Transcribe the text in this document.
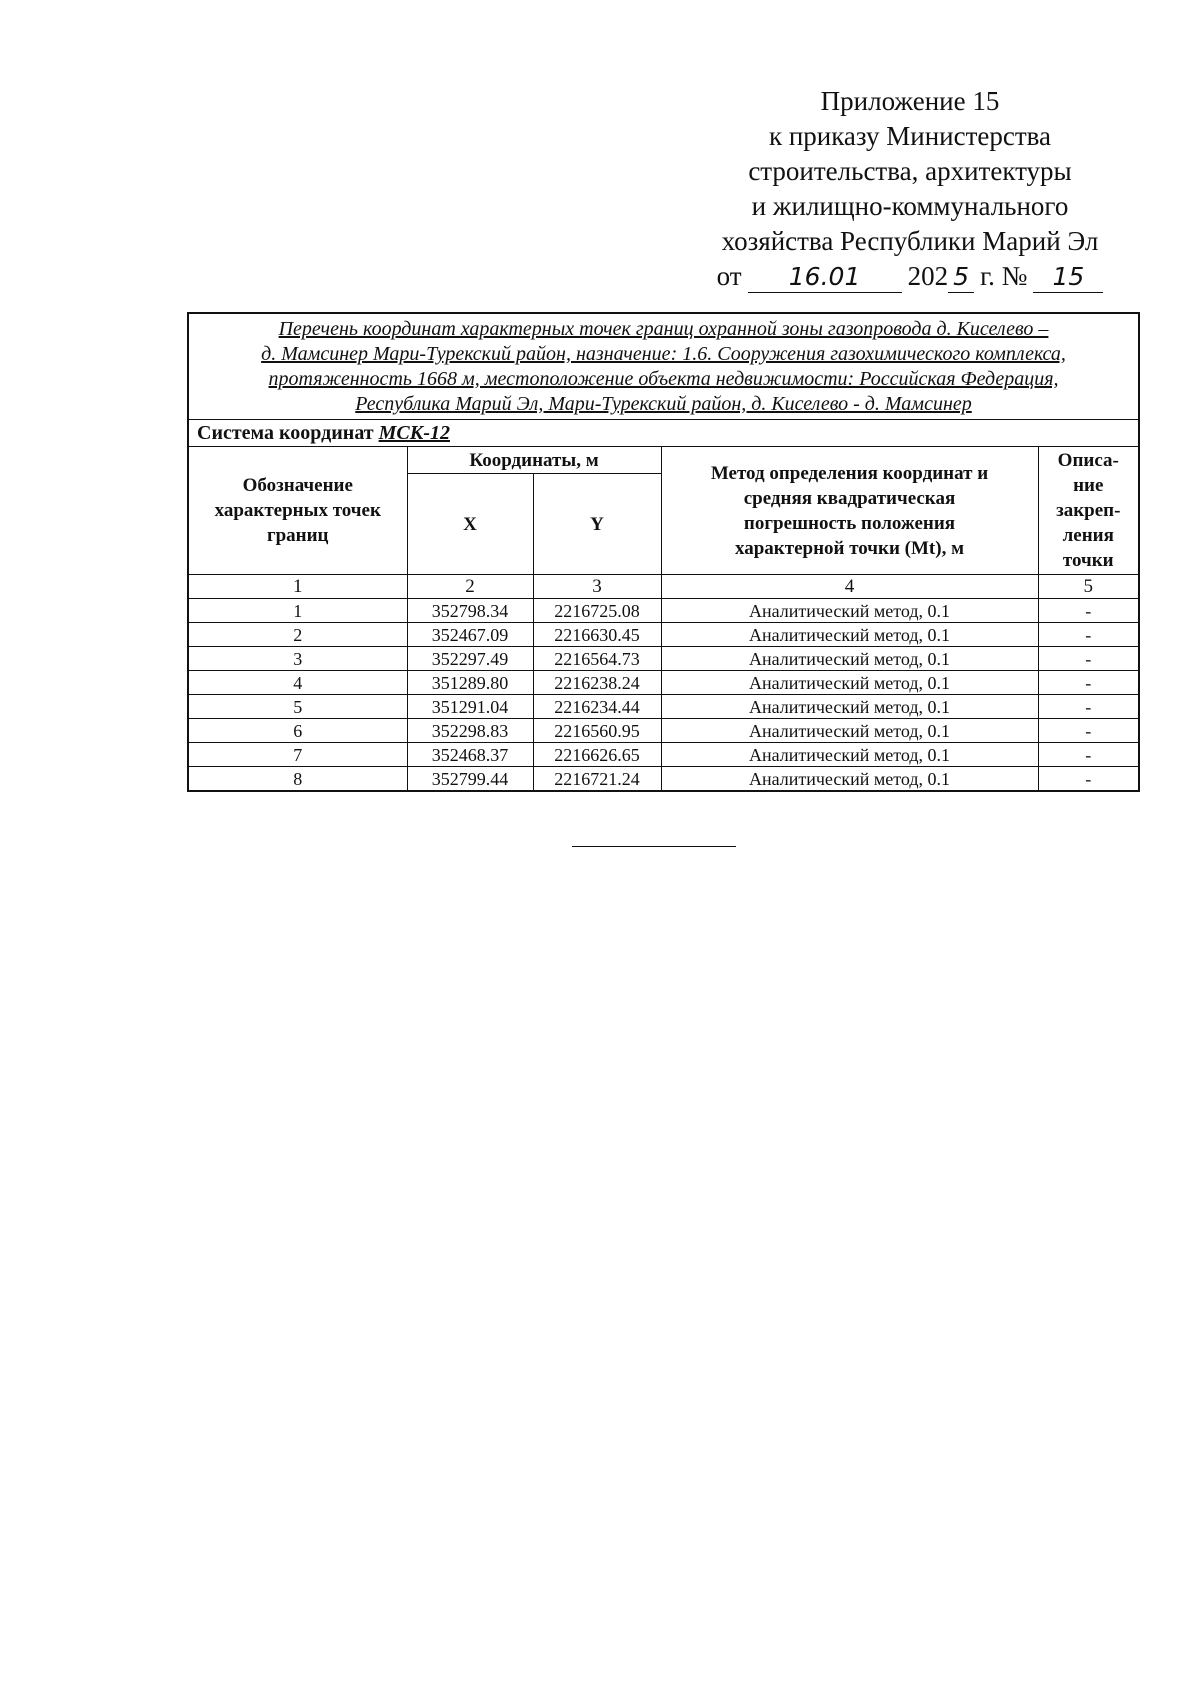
Приложение 15
к приказу Министерства
строительства, архитектуры
и жилищно-коммунального
хозяйства Республики Марий Эл
от	16.01	202 5 г. №	15
Перечень координат характерных точек границ охранной зоны газопровода д. Киселево –
д. Мамсинер Мари-Турекский район, назначение: 1.6. Сооружения газохимического комплекса,
протяженность 1668 м, местоположение объекта недвижимости: Российская Федерация,
Республика Марий Эл, Мари-Турекский район, д. Киселево - д. Мамсинер				

Система координат МСК-12				

Обозначение
характерных точек
границ	Координаты, м		Метод определения координат и
средняя квадратическая
погрешность положения
характерной точки (Mt), м	Описа-
ние
закреп-
ления
точки

	X	Y		
1	2	3	4	5
1	352798.34	2216725.08	Аналитический метод, 0.1	-
2	352467.09	2216630.45	Аналитический метод, 0.1	-
3	352297.49	2216564.73	Аналитический метод, 0.1	-
4	351289.80	2216238.24	Аналитический метод, 0.1	-
5	351291.04	2216234.44	Аналитический метод, 0.1	-
6	352298.83	2216560.95	Аналитический метод, 0.1	-
7	352468.37	2216626.65	Аналитический метод, 0.1	-
8	352799.44	2216721.24	Аналитический метод, 0.1	-
